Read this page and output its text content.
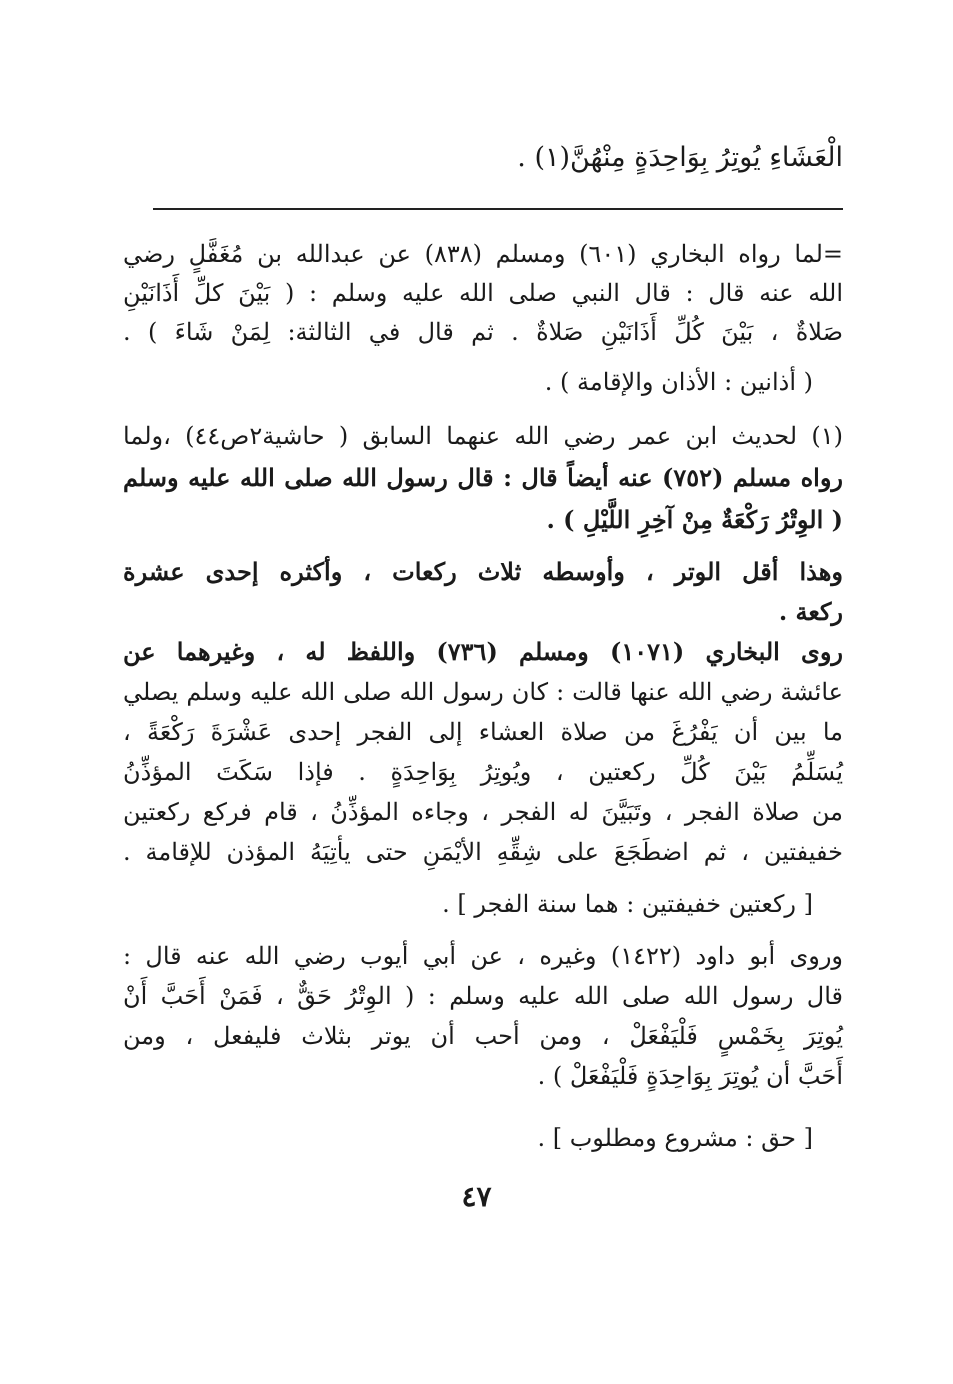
الْعَشَاءِ يُوتِرُ بِوَاحِدَةٍ مِنْهُنَّ(١) .
=لما رواه البخاري (٦٠١) ومسلم (٨٣٨) عن عبدالله بن مُغَفَّلٍ رضي
الله عنه قال : قال النبي صلى الله عليه وسلم : ( بَيْنَ كلِّ أَذَانَيْنِ
صَلاةٌ ، بَيْنَ كُلِّ أَذَانَيْنِ صَلاةٌ . ثم قال في الثالثة: لِمَنْ شَاءَ ) .
( أذانين : الأذان والإقامة ) .
(١) لحديث ابن عمر رضي الله عنهما السابق ( حاشية٢ص٤٤) ،ولما
رواه مسلم (٧٥٢) عنه أيضاً قال : قال رسول الله صلى الله عليه وسلم
( الوِتْرُ رَكْعَةٌ مِنْ آخِرِ اللَّيْلِ ) .
وهذا أقل الوتر ، وأوسطه ثلاث ركعات ، وأكثره إحدى عشرة
ركعة .
روى البخاري (١٠٧١) ومسلم (٧٣٦) واللفظ له ، وغيرهما عن
عائشة رضي الله عنها قالت : كان رسول الله صلى الله عليه وسلم يصلي
ما بين أن يَفْرُغَ من صلاة العشاء إلى الفجر إحدى عَشْرَةَ رَكْعَةً ،
يُسَلِّمُ بَيْنَ كُلِّ ركعتين ، ويُوتِرُ بِوَاحِدَةٍ . فإذا سَكَتَ المؤذِّنُ
من صلاة الفجر ، وتَبَيَّنَ له الفجر ، وجاءه المؤذِّنُ ، قام فركع ركعتين
خفيفتين ، ثم اضطَجَعَ على شِقِّهِ الأيْمَنِ حتى يأتِيَهُ المؤذن للإقامة .
[ ركعتين خفيفتين : هما سنة الفجر ] .
وروى أبو داود (١٤٢٢) وغيره ، عن أبي أيوب رضي الله عنه قال :
قال رسول الله صلى الله عليه وسلم : ( الوِتْرُ حَقٌّ ، فَمَنْ أَحَبَّ أَنْ
يُوتِرَ بِخَمْسٍ فَلْيَفْعَلْ ، ومن أحب أن يوتر بثلاث فليفعل ، ومن
أَحَبَّ أن يُوتِرَ بِوَاحِدَةٍ فَلْيَفْعَلْ ) .
[ حق : مشروع ومطلوب ] .
٤٧
